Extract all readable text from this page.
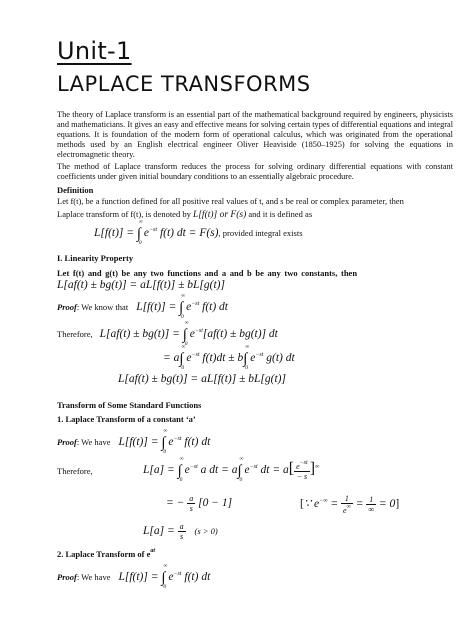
Unit-1
LAPLACE TRANSFORMS
The theory of Laplace transform is an essential part of the mathematical background required by engineers, physicists and mathematicians. It gives an easy and effective means for solving certain types of differential equations and integral equations. It is foundation of the modern form of operational calculus, which was originated from the operational methods used by an English electrical engineer Oliver Heaviside (1850–1925) for solving the equations in electromagnetic theory.
The method of Laplace transform reduces the process for solving ordinary differential equations with constant coefficients under given initial boundary conditions to an essentially algebraic procedure.
Definition
Let f(t), be a function defined for all positive real values of t, and s be real or complex parameter, then
Laplace transform of f(t), is denoted by L[f(t)] or F(s) and it is defined as
L[f(t)] = ∫
∞
0
$e^{-st}$ f(t) dt = F(s), provided integral exists
I. Linearity Property
Let f(t) and g(t) be any two functions and a and b be any two constants, then
L[af(t) ± bg(t)] = aL[f(t)] ± bL[g(t)]
Proof: We know that L[f(t)] = ∫
∞
0
$e^{-st}$ f(t) dt
Therefore, L[af(t) ± bg(t)] = ∫
∞
0
$e^{-st}[af(t) \pm bg(t)]$ dt
= a∫
∞
0
$e^{-st}$ f(t)dt ± b∫
∞
0
$e^{-st}$ g(t) dt
L[af(t) ± bg(t)] = aL[f(t)] ± bL[g(t)]
Transform of Some Standard Functions
1. Laplace Transform of a constant ‘a’
Proof: We have L[f(t)] = ∫
∞
0
$e^{-st}$ f(t) dt
Therefore,	L[a] = ∫
∞
0
$e^{-st}$ a dt = a∫
∞
0
$e^{-st}$ dt = $a[ \frac{e^{-st}}{- s} ]^\infty$
= − $\frac{a}{s} [0 - 1]$	[∵ $e^{-\infty} = \frac{1}{e^\infty} = \frac{1}{\infty} = 0$]
$L[a] = \frac{a}{s} (s > 0)$
2. Laplace Transform of $e^{at}$
Proof: We have L[f(t)] = ∫
∞
0
$e^{-st}$ f(t) dt
